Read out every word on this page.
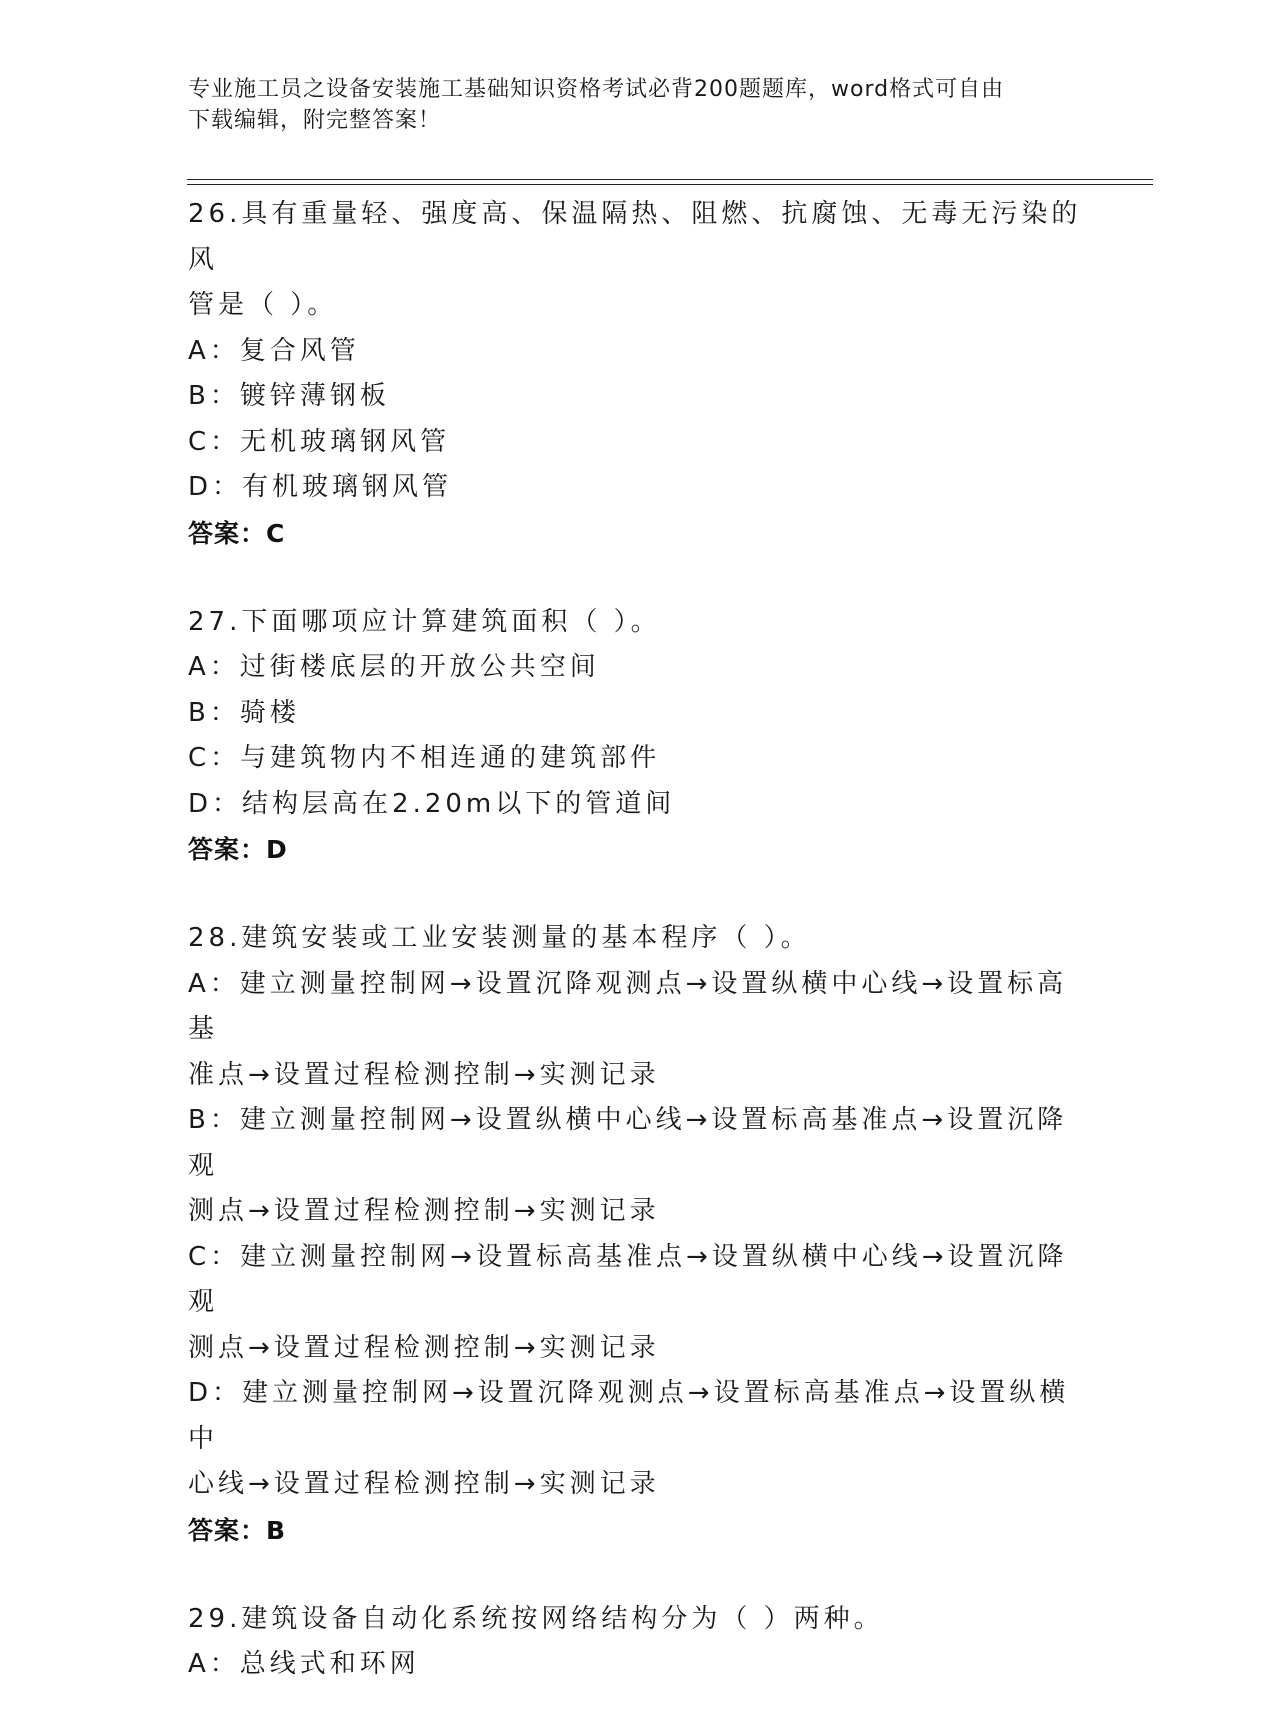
专业施工员之设备安装施工基础知识资格考试必背200题题库，word格式可自由
下载编辑，附完整答案！
26.具有重量轻、强度高、保温隔热、阻燃、抗腐蚀、无毒无污染的风
管是（ ）。
A：复合风管
B：镀锌薄钢板
C：无机玻璃钢风管
D：有机玻璃钢风管
答案：C
27.下面哪项应计算建筑面积（ ）。
A：过街楼底层的开放公共空间
B：骑楼
C：与建筑物内不相连通的建筑部件
D：结构层高在2.20m以下的管道间
答案：D
28.建筑安装或工业安装测量的基本程序（ ）。
A：建立测量控制网→设置沉降观测点→设置纵横中心线→设置标高基
准点→设置过程检测控制→实测记录
B：建立测量控制网→设置纵横中心线→设置标高基准点→设置沉降观
测点→设置过程检测控制→实测记录
C：建立测量控制网→设置标高基准点→设置纵横中心线→设置沉降观
测点→设置过程检测控制→实测记录
D：建立测量控制网→设置沉降观测点→设置标高基准点→设置纵横中
心线→设置过程检测控制→实测记录
答案：B
29.建筑设备自动化系统按网络结构分为（ ）两种。
A：总线式和环网
